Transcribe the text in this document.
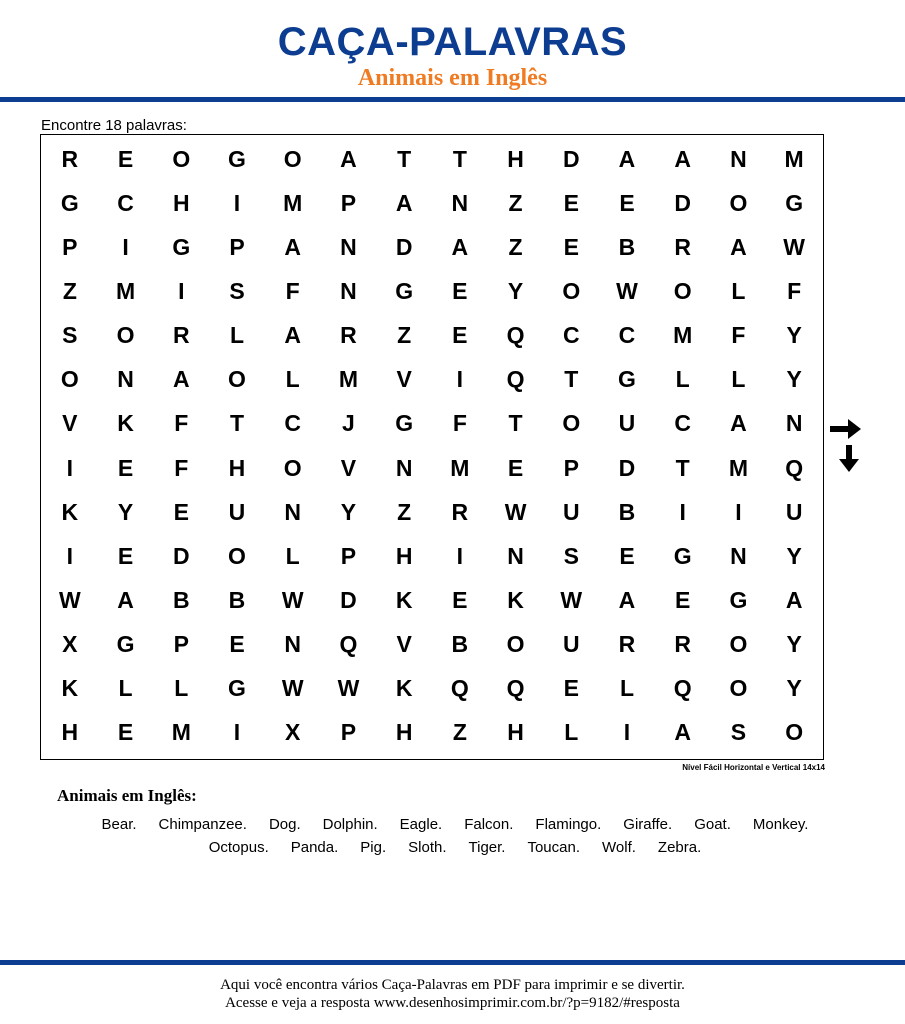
CAÇA-PALAVRAS
Animais em Inglês
Encontre 18 palavras:
R	E	O	G	O	A	T	T	H	D	A	A	N	M
G	C	H	I	M	P	A	N	Z	E	E	D	O	G
P	I	G	P	A	N	D	A	Z	E	B	R	A	W
Z	M	I	S	F	N	G	E	Y	O	W	O	L	F
S	O	R	L	A	R	Z	E	Q	C	C	M	F	Y
O	N	A	O	L	M	V	I	Q	T	G	L	L	Y
V	K	F	T	C	J	G	F	T	O	U	C	A	N
I	E	F	H	O	V	N	M	E	P	D	T	M	Q
K	Y	E	U	N	Y	Z	R	W	U	B	I	I	U
I	E	D	O	L	P	H	I	N	S	E	G	N	Y
W	A	B	B	W	D	K	E	K	W	A	E	G	A
X	G	P	E	N	Q	V	B	O	U	R	R	O	Y
K	L	L	G	W	W	K	Q	Q	E	L	Q	O	Y
H	E	M	I	X	P	H	Z	H	L	I	A	S	O
Nível Fácil Horizontal e Vertical 14x14
Animais em Inglês:
Bear. Chimpanzee. Dog. Dolphin. Eagle. Falcon. Flamingo. Giraffe. Goat. Monkey.
Octopus. Panda. Pig. Sloth. Tiger. Toucan. Wolf. Zebra.
Aqui você encontra vários Caça-Palavras em PDF para imprimir e se divertir.
Acesse e veja a resposta www.desenhosimprimir.com.br/?p=9182/#resposta
